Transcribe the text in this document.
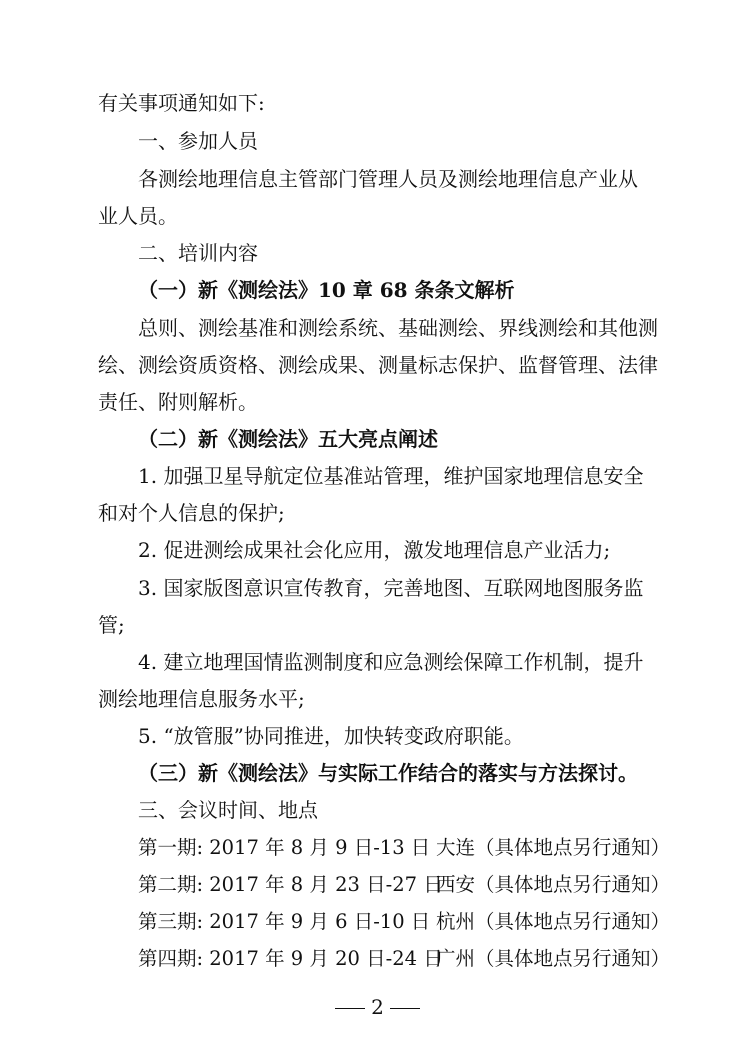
有关事项通知如下:
一、参加人员
各测绘地理信息主管部门管理人员及测绘地理信息产业从
业人员。
二、培训内容
（一）新《测绘法》10 章 68 条条文解析
总则、测绘基准和测绘系统、基础测绘、界线测绘和其他测
绘、测绘资质资格、测绘成果、测量标志保护、监督管理、法律
责任、附则解析。
（二）新《测绘法》五大亮点阐述
1. 加强卫星导航定位基准站管理，维护国家地理信息安全
和对个人信息的保护;
2. 促进测绘成果社会化应用，激发地理信息产业活力;
3. 国家版图意识宣传教育，完善地图、互联网地图服务监
管;
4. 建立地理国情监测制度和应急测绘保障工作机制，提升
测绘地理信息服务水平;
5. “放管服”协同推进，加快转变政府职能。
（三）新《测绘法》与实际工作结合的落实与方法探讨。
三、会议时间、地点
第一期: 2017 年 8 月 9 日-13 日 大连（具体地点另行通知）
第二期: 2017 年 8 月 23 日-27 日西安（具体地点另行通知）
第三期: 2017 年 9 月 6 日-10 日 杭州（具体地点另行通知）
第四期: 2017 年 9 月 20 日-24 日广州（具体地点另行通知）
2
